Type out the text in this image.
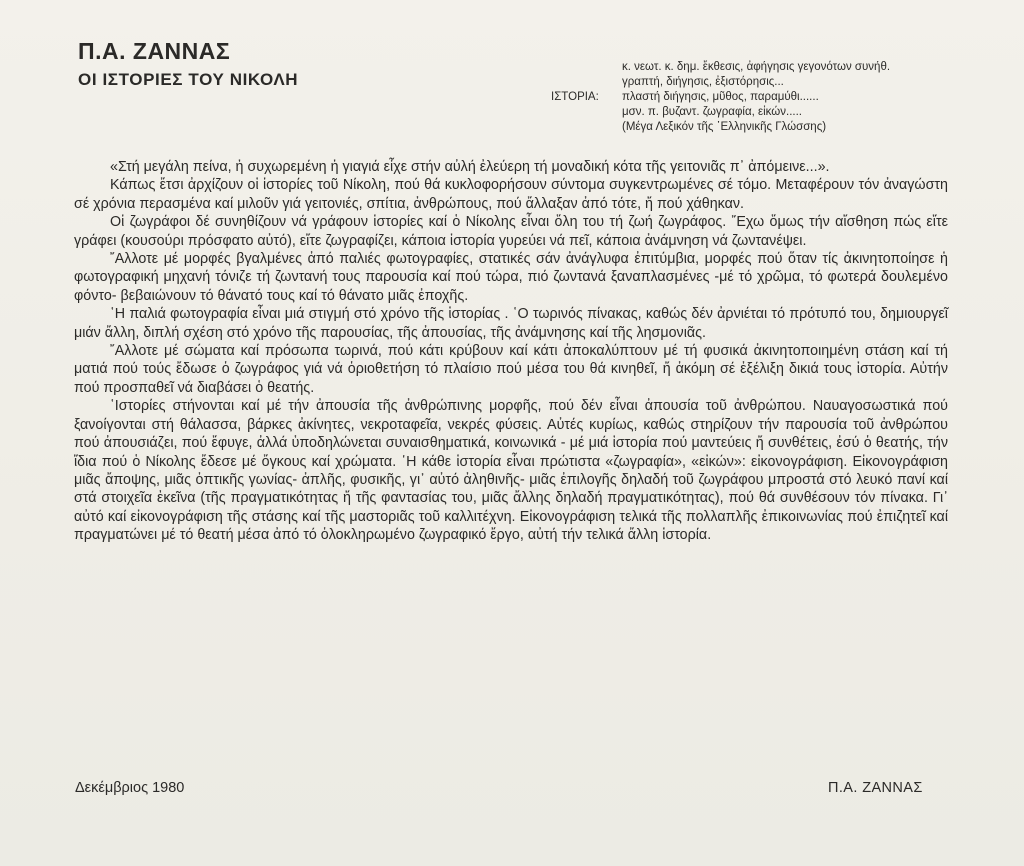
Π.Α. ΖΑΝΝΑΣ
ΟΙ ΙΣΤΟΡΙΕΣ ΤΟΥ ΝΙΚΟΛΗ
ΙΣΤΟΡΙΑ:
κ. νεωτ. κ. δημ. ἔκθεσις, ἀφήγησις γεγονότων συνήθ.
γραπτή, διήγησις, ἐξιστόρησις...
πλαστή διήγησις, μῦθος, παραμύθι......
μσν. π. βυζαντ. ζωγραφία, εἰκών.....
(Μέγα Λεξικόν τῆς ῾Ελληνικῆς Γλώσσης)

«Στή μεγάλη πείνα, ἡ συχωρεμένη ἡ γιαγιά εἶχε στήν αὐλή ἐλεύερη τή μοναδική κότα τῆς γειτονιᾶς π᾿ ἀπόμεινε...».

Κάπως ἔτσι ἀρχίζουν οἱ ἱστορίες τοῦ Νίκολη, πού θά κυκλοφορήσουν σύντομα συγκεντρωμένες σέ τόμο. Μεταφέρουν τόν ἀναγώστη σέ χρόνια περασμένα καί μιλοῦν γιά γειτονιές, σπίτια, ἀνθρώπους, πού ἄλλαξαν ἀπό τότε, ἤ πού χάθηκαν.

Οἱ ζωγράφοι δέ συνηθίζουν νά γράφουν ἱστορίες καί ὁ Νίκολης εἶναι ὅλη του τή ζωή ζωγράφος. ῎Εχω ὅμως τήν αἴσθηση πώς εἴτε γράφει (κουσούρι πρόσφατο αὐτό), εἴτε ζωγραφίζει, κάποια ἱστορία γυρεύει νά πεῖ, κάποια ἀνάμνηση νά ζωντανέψει.

῎Αλλοτε μέ μορφές βγαλμένες ἀπό παλιές φωτογραφίες, στατικές σάν ἀνάγλυφα ἐπιτύμβια, μορφές πού ὅταν τίς ἀκινητοποίησε ἡ φωτογραφική μηχανή τόνιζε τή ζωντανή τους παρουσία καί πού τώρα, πιό ζωντανά ξαναπλασμένες -μέ τό χρῶμα, τό φωτερά δουλεμένο φόντο- βεβαιώνουν τό θάνατό τους καί τό θάνατο μιᾶς ἐποχῆς.

῾Η παλιά φωτογραφία εἶναι μιά στιγμή στό χρόνο τῆς ἱστορίας . ῾Ο τωρινός πίνακας, καθώς δέν ἀρνιέται τό πρότυπό του, δημιουργεῖ μιάν ἄλλη, διπλή σχέση στό χρόνο τῆς παρουσίας, τῆς ἀπουσίας, τῆς ἀνάμνησης καί τῆς λησμονιᾶς.

῎Αλλοτε μέ σώματα καί πρόσωπα τωρινά, πού κάτι κρύβουν καί κάτι ἀποκαλύπτουν μέ τή φυσικά ἀκινητοποιημένη στάση καί τή ματιά πού τούς ἔδωσε ὁ ζωγράφος γιά νά ὁριοθετήση τό πλαίσιο πού μέσα του θά κινηθεῖ, ἤ ἀκόμη σέ ἐξέλιξη δικιά τους ἱστορία. Αὐτήν πού προσπαθεῖ νά διαβάσει ὁ θεατής.

῾Ιστορίες στήνονται καί μέ τήν ἀπουσία τῆς ἀνθρώπινης μορφῆς, πού δέν εἶναι ἀπουσία τοῦ ἀνθρώπου. Ναυαγοσωστικά πού ξανοίγονται στή θάλασσα, βάρκες ἀκίνητες, νεκροταφεῖα, νεκρές φύσεις. Αὐτές κυρίως, καθώς στηρίζουν τήν παρουσία τοῦ ἀνθρώπου πού ἀπουσιάζει, πού ἔφυγε, ἀλλά ὑποδηλώνεται συναισθηματικά, κοινωνικά - μέ μιά ἱστορία πού μαντεύεις ἤ συνθέτεις, ἐσύ ὁ θεατής, τήν ἴδια πού ὁ Νίκολης ἔδεσε μέ ὄγκους καί χρώματα. ῾Η κάθε ἱστορία εἶναι πρώτιστα «ζωγραφία», «εἰκών»: εἰκονογράφιση. Εἰκονογράφιση μιᾶς ἄποψης, μιᾶς ὀπτικῆς γωνίας- ἀπλῆς, φυσικῆς, γι᾿ αὐτό ἀληθινῆς- μιᾶς ἐπιλογῆς δηλαδή τοῦ ζωγράφου μπροστά στό λευκό πανί καί στά στοιχεῖα ἐκεῖνα (τῆς πραγματικότητας ἤ τῆς φαντασίας του, μιᾶς ἄλλης δηλαδή πραγματικότητας), πού θά συνθέσουν τόν πίνακα. Γι᾿ αὐτό καί εἰκονογράφιση τῆς στάσης καί τῆς μαστοριᾶς τοῦ καλλιτέχνη. Εἰκονογράφιση τελικά τῆς πολλαπλῆς ἐπικοινωνίας πού ἐπιζητεῖ καί πραγματώνει μέ τό θεατή μέσα ἀπό τό ὁλοκληρωμένο ζωγραφικό ἔργο, αὐτή τήν τελικά ἄλλη ἱστορία.

Δεκέμβριος 1980	Π.Α. ΖΑΝΝΑΣ
